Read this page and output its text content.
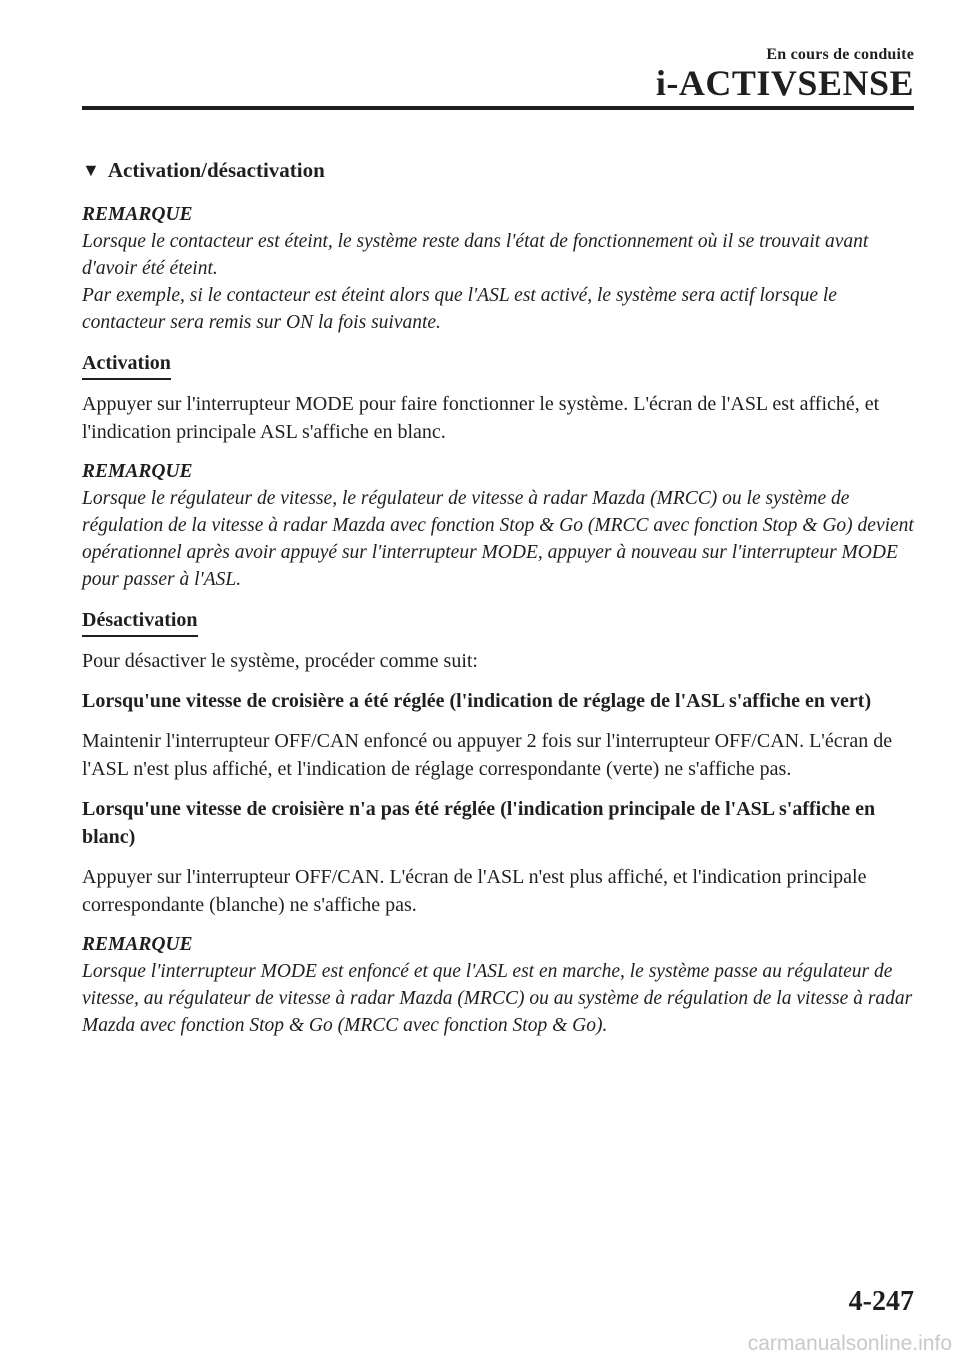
En cours de conduite
i-ACTIVSENSE
▼ Activation/désactivation
REMARQUE
Lorsque le contacteur est éteint, le système reste dans l'état de fonctionnement où il se trouvait avant d'avoir été éteint.
Par exemple, si le contacteur est éteint alors que l'ASL est activé, le système sera actif lorsque le contacteur sera remis sur ON la fois suivante.
Activation

Appuyer sur l'interrupteur MODE pour faire fonctionner le système. L'écran de l'ASL est affiché, et l'indication principale ASL s'affiche en blanc.

REMARQUE
Lorsque le régulateur de vitesse, le régulateur de vitesse à radar Mazda (MRCC) ou le système de régulation de la vitesse à radar Mazda avec fonction Stop & Go (MRCC avec fonction Stop & Go) devient opérationnel après avoir appuyé sur l'interrupteur MODE, appuyer à nouveau sur l'interrupteur MODE pour passer à l'ASL.
Désactivation

Pour désactiver le système, procéder comme suit:

Lorsqu'une vitesse de croisière a été réglée (l'indication de réglage de l'ASL s'affiche en vert)

Maintenir l'interrupteur OFF/CAN enfoncé ou appuyer 2 fois sur l'interrupteur OFF/CAN. L'écran de l'ASL n'est plus affiché, et l'indication de réglage correspondante (verte) ne s'affiche pas.

Lorsqu'une vitesse de croisière n'a pas été réglée (l'indication principale de l'ASL s'affiche en blanc)

Appuyer sur l'interrupteur OFF/CAN. L'écran de l'ASL n'est plus affiché, et l'indication principale correspondante (blanche) ne s'affiche pas.

REMARQUE
Lorsque l'interrupteur MODE est enfoncé et que l'ASL est en marche, le système passe au régulateur de vitesse, au régulateur de vitesse à radar Mazda (MRCC) ou au système de régulation de la vitesse à radar Mazda avec fonction Stop & Go (MRCC avec fonction Stop & Go).
4-247
carmanualsonline.info
